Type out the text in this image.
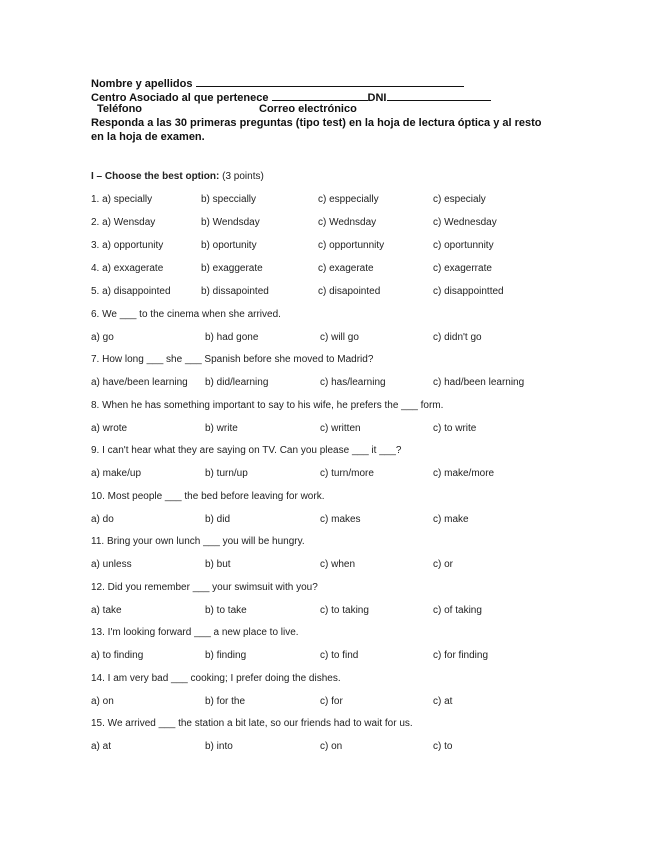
Nombre y apellidos
Centro Asociado al que pertenece	DNI
Teléfono	Correo electrónico
Responda a las 30 primeras preguntas (tipo test) en la hoja de lectura óptica y al resto
en la hoja de examen.
I – Choose the best option: (3 points)
1. a) specially	b) speccially	c) esppecially	c) especialy
2. a) Wensday	b) Wendsday	c) Wednsday	c) Wednesday
3. a) opportunity	b) oportunity	c) opportunnity	c) oportunnity
4. a) exxagerate	b) exaggerate	c) exagerate	c) exagerrate
5. a) disappointed	b) dissapointed	c) disapointed	c) disappointted
6. We ___ to the cinema when she arrived.
a) go	b) had gone	c) will go	c) didn't go
7. How long ___ she ___ Spanish before she moved to Madrid?
a) have/been learning b) did/learning	c) has/learning	c) had/been learning
8. When he has something important to say to his wife, he prefers the ___ form.
a) wrote	b) write	c) written	c) to write
9. I can't hear what they are saying on TV. Can you please ___ it ___?
a) make/up	b) turn/up	c) turn/more	c) make/more
10. Most people ___ the bed before leaving for work.
a) do	b) did	c) makes	c) make
11. Bring your own lunch ___ you will be hungry.
a) unless	b) but	c) when	c) or
12. Did you remember ___ your swimsuit with you?
a) take	b) to take	c) to taking	c) of taking
13. I'm looking forward ___ a new place to live.
a) to finding	b) finding	c) to find	c) for finding
14. I am very bad ___ cooking; I prefer doing the dishes.
a) on	b) for the	c) for	c) at
15. We arrived ___ the station a bit late, so our friends had to wait for us.
a) at	b) into	c) on	c) to
